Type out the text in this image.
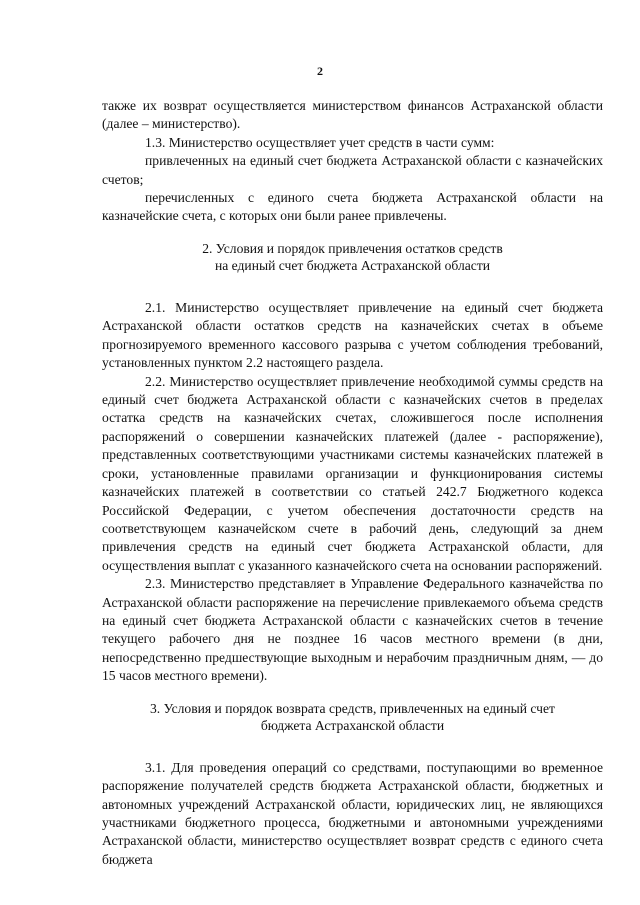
2

также их возврат осуществляется министерством финансов Астраханской области (далее – министерство).

1.3. Министерство осуществляет учет средств в части сумм:

привлеченных на единый счет бюджета Астраханской области с казначейских счетов;

перечисленных с единого счета бюджета Астраханской области на казначейские счета, с которых они были ранее привлечены.

2. Условия и порядок привлечения остатков средств
на единый счет бюджета Астраханской области

2.1. Министерство осуществляет привлечение на единый счет бюджета Астраханской области остатков средств на казначейских счетах в объеме прогнозируемого временного кассового разрыва с учетом соблюдения требований, установленных пунктом 2.2 настоящего раздела.

2.2. Министерство осуществляет привлечение необходимой суммы средств на единый счет бюджета Астраханской области с казначейских счетов в пределах остатка средств на казначейских счетах, сложившегося после исполнения распоряжений о совершении казначейских платежей (далее - распоряжение), представленных соответствующими участниками системы казначейских платежей в сроки, установленные правилами организации и функционирования системы казначейских платежей в соответствии со статьей 242.7 Бюджетного кодекса Российской Федерации, с учетом обеспечения достаточности средств на соответствующем казначейском счете в рабочий день, следующий за днем привлечения средств на единый счет бюджета Астраханской области, для осуществления выплат с указанного казначейского счета на основании распоряжений.

2.3. Министерство представляет в Управление Федерального казначейства по Астраханской области распоряжение на перечисление привлекаемого объема средств на единый счет бюджета Астраханской области с казначейских счетов в течение текущего рабочего дня не позднее 16 часов местного времени (в дни, непосредственно предшествующие выходным и нерабочим праздничным дням, — до 15 часов местного времени).

3. Условия и порядок возврата средств, привлеченных на единый счет
бюджета Астраханской области

3.1. Для проведения операций со средствами, поступающими во временное распоряжение получателей средств бюджета Астраханской области, бюджетных и автономных учреждений Астраханской области, юридических лиц, не являющихся участниками бюджетного процесса, бюджетными и автономными учреждениями Астраханской области, министерство осуществляет возврат средств с единого счета бюджета
